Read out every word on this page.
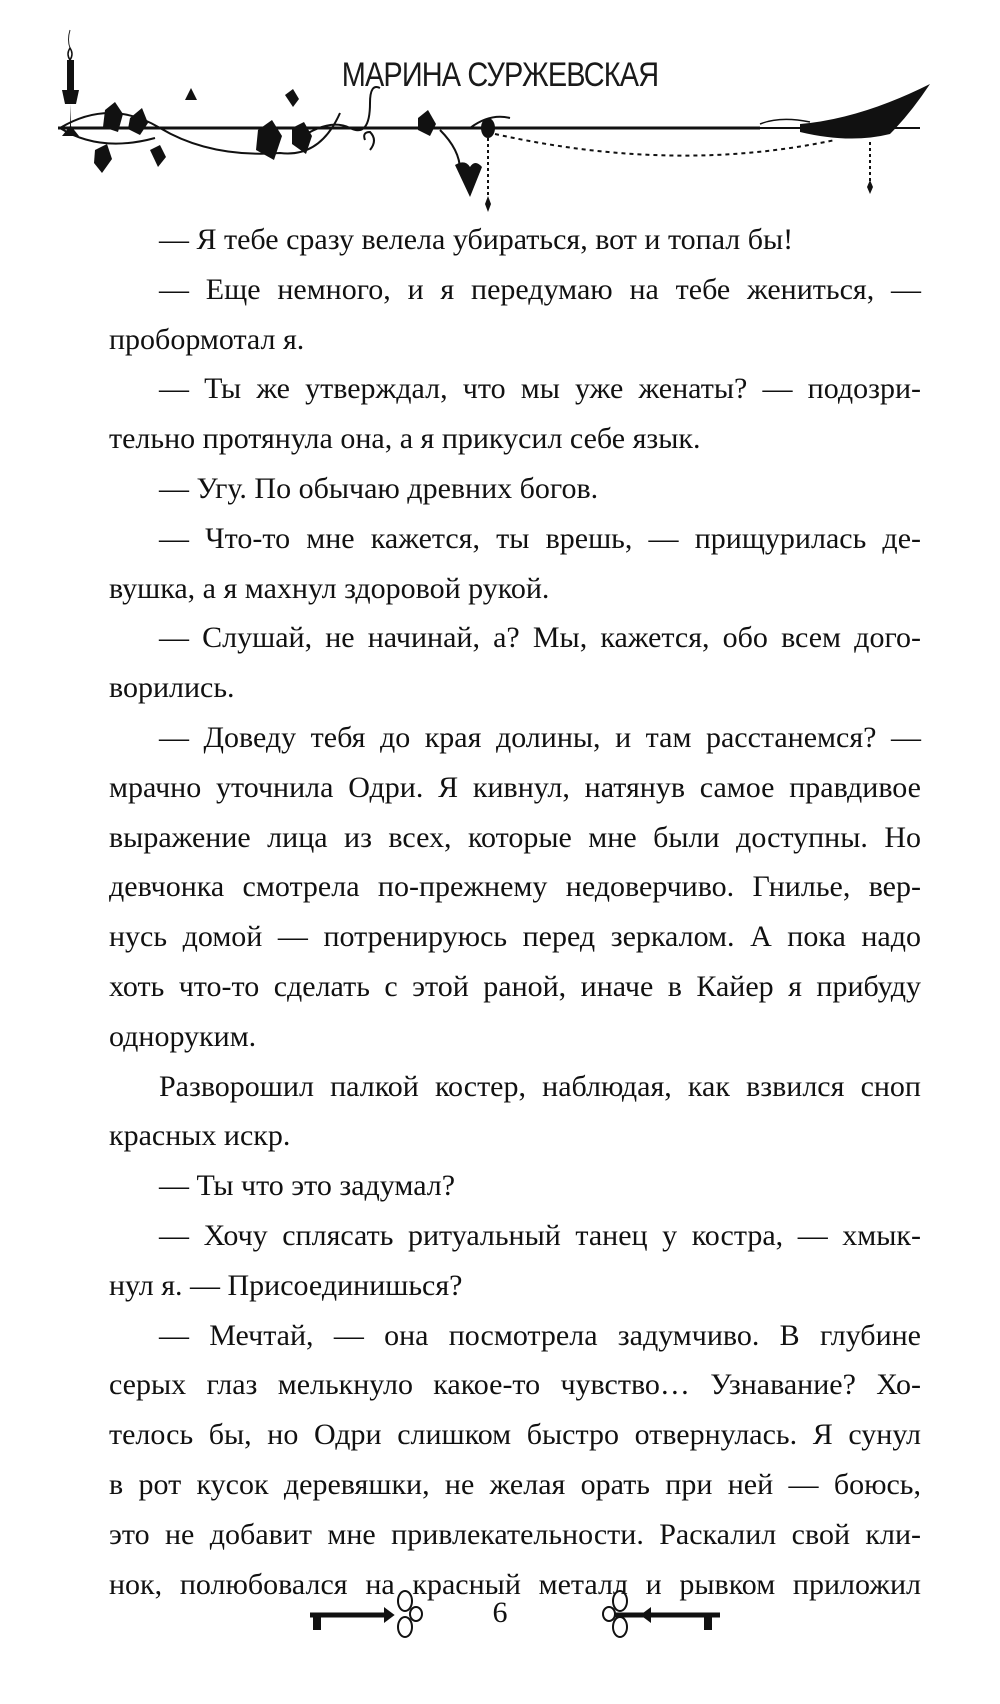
МАРИНА СУРЖЕВСКАЯ
— Я тебе сразу велела убираться, вот и топал бы!
— Еще немного, и я передумаю на тебе жениться, —
пробормотал я.
— Ты же утверждал, что мы уже женаты? — подозри-
тельно протянула она, а я прикусил себе язык.
— Угу. По обычаю древних богов.
— Что-то мне кажется, ты врешь, — прищурилась де-
вушка, а я махнул здоровой рукой.
— Слушай, не начинай, а? Мы, кажется, обо всем дого-
ворились.
— Доведу тебя до края долины, и там расстанемся? —
мрачно уточнила Одри. Я кивнул, натянув самое правдивое
выражение лица из всех, которые мне были доступны. Но
девчонка смотрела по-прежнему недоверчиво. Гнилье, вер-
нусь домой — потренируюсь перед зеркалом. А пока надо
хоть что-то сделать с этой раной, иначе в Кайер я прибуду
одноруким.
Разворошил палкой костер, наблюдая, как взвился сноп
красных искр.
— Ты что это задумал?
— Хочу сплясать ритуальный танец у костра, — хмык-
нул я. — Присоединишься?
— Мечтай, — она посмотрела задумчиво. В глубине
серых глаз мелькнуло какое-то чувство… Узнавание? Хо-
телось бы, но Одри слишком быстро отвернулась. Я сунул
в рот кусок деревяшки, не желая орать при ней — боюсь,
это не добавит мне привлекательности. Раскалил свой кли-
нок, полюбовался на красный металл и рывком приложил
6
